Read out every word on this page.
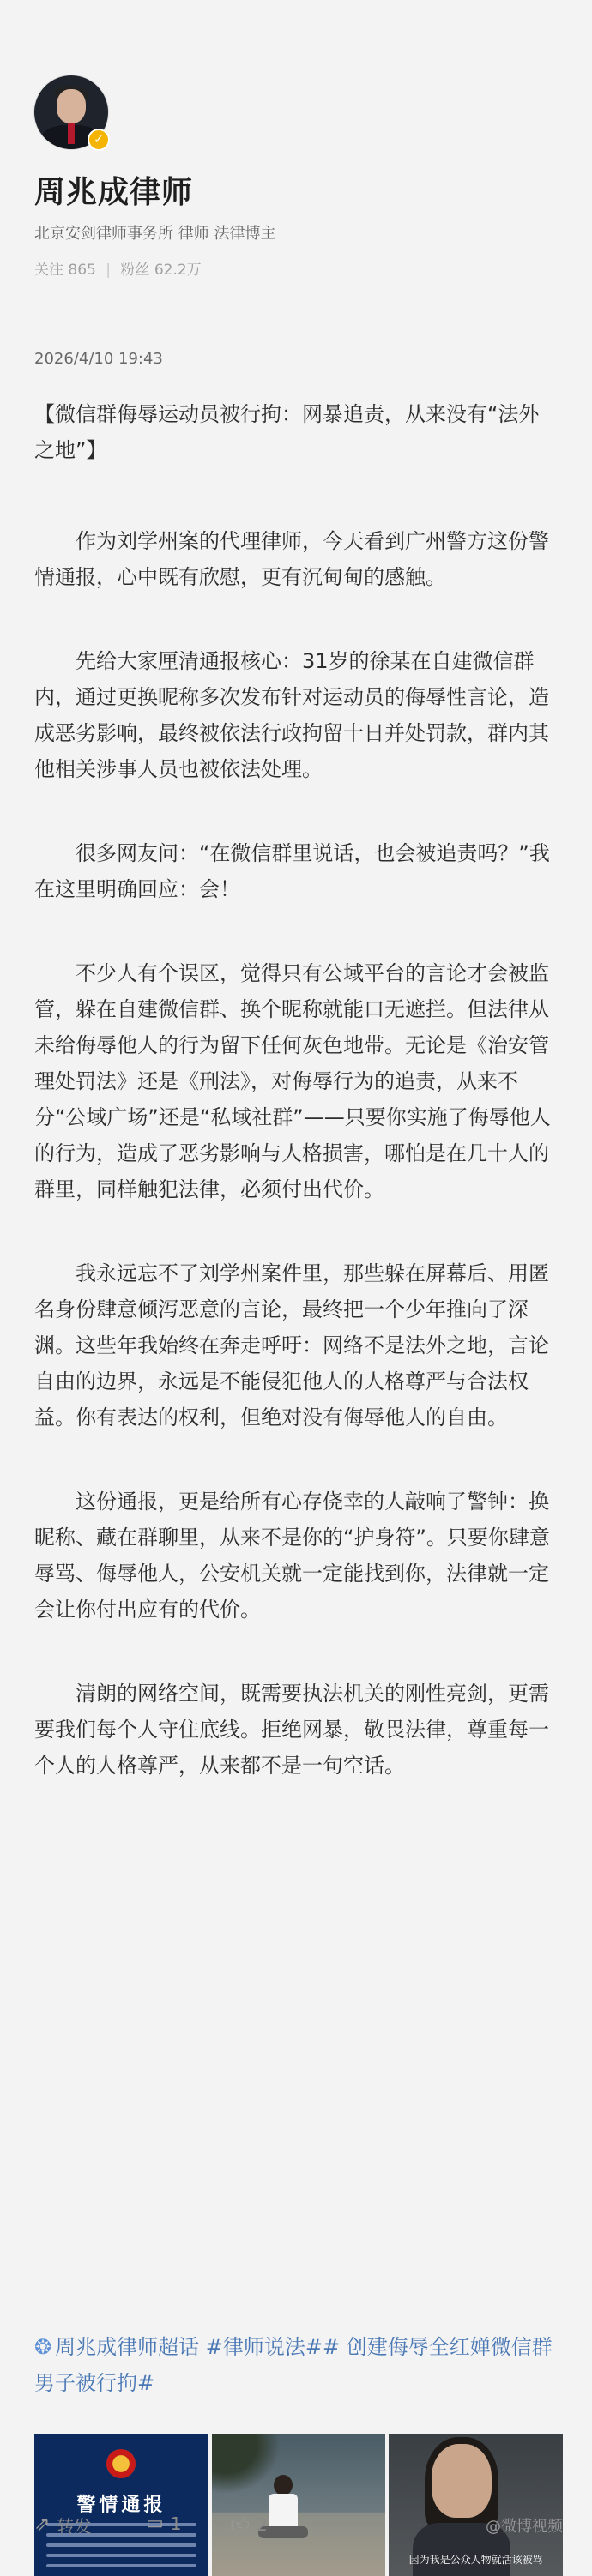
✓
周兆成律师
北京安剑律师事务所 律师 法律博主
关注 865 | 粉丝 62.2万
2026/4/10 19:43

【微信群侮辱运动员被行拘：网暴追责，从来没有“法外之地”】

作为刘学州案的代理律师，今天看到广州警方这份警情通报，心中既有欣慰，更有沉甸甸的感触。

先给大家厘清通报核心：31岁的徐某在自建微信群内，通过更换昵称多次发布针对运动员的侮辱性言论，造成恶劣影响，最终被依法行政拘留十日并处罚款，群内其他相关涉事人员也被依法处理。

很多网友问：“在微信群里说话，也会被追责吗？”我在这里明确回应：会！

不少人有个误区，觉得只有公域平台的言论才会被监管，躲在自建微信群、换个昵称就能口无遮拦。但法律从未给侮辱他人的行为留下任何灰色地带。无论是《治安管理处罚法》还是《刑法》，对侮辱行为的追责，从来不分“公域广场”还是“私域社群”——只要你实施了侮辱他人的行为，造成了恶劣影响与人格损害，哪怕是在几十人的群里，同样触犯法律，必须付出代价。

我永远忘不了刘学州案件里，那些躲在屏幕后、用匿名身份肆意倾泻恶意的言论，最终把一个少年推向了深渊。这些年我始终在奔走呼吁：网络不是法外之地，言论自由的边界，永远是不能侵犯他人的人格尊严与合法权益。你有表达的权利，但绝对没有侮辱他人的自由。

这份通报，更是给所有心存侥幸的人敲响了警钟：换昵称、藏在群聊里，从来不是你的“护身符”。只要你肆意辱骂、侮辱他人，公安机关就一定能找到你，法律就一定会让你付出应有的代价。

清朗的网络空间，既需要执法机关的刚性亮剑，更需要我们每个人守住底线。拒绝网暴，敬畏法律，尊重每一个人的人格尊严，从来都不是一句空话。

❂ 周兆成律师超话 #律师说法## 创建侮辱全红婵微信群男子被行拘#
警情通报
因为我是公众人物就活该被骂
⇗ 转发	▭ 1	👍︎ 2	@微博视频
